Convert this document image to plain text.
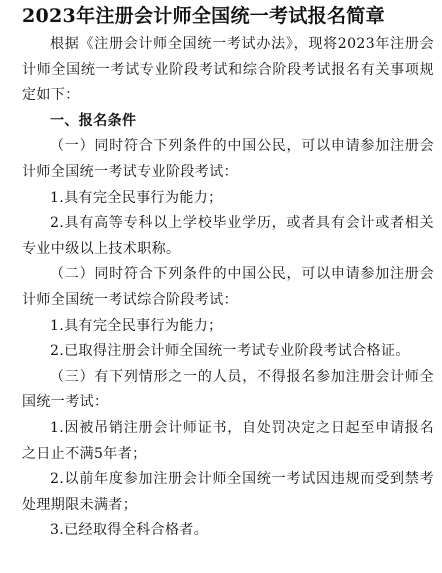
2023年注册会计师全国统一考试报名简章

根据《注册会计师全国统一考试办法》，现将2023年注册会计师全国统一考试专业阶段考试和综合阶段考试报名有关事项规定如下：

一、报名条件

（一）同时符合下列条件的中国公民，可以申请参加注册会计师全国统一考试专业阶段考试：

1.具有完全民事行为能力；

2.具有高等专科以上学校毕业学历，或者具有会计或者相关专业中级以上技术职称。

（二）同时符合下列条件的中国公民，可以申请参加注册会计师全国统一考试综合阶段考试：

1.具有完全民事行为能力；

2.已取得注册会计师全国统一考试专业阶段考试合格证。

（三）有下列情形之一的人员，不得报名参加注册会计师全国统一考试：

1.因被吊销注册会计师证书，自处罚决定之日起至申请报名之日止不满5年者；

2.以前年度参加注册会计师全国统一考试因违规而受到禁考处理期限未满者；

3.已经取得全科合格者。
